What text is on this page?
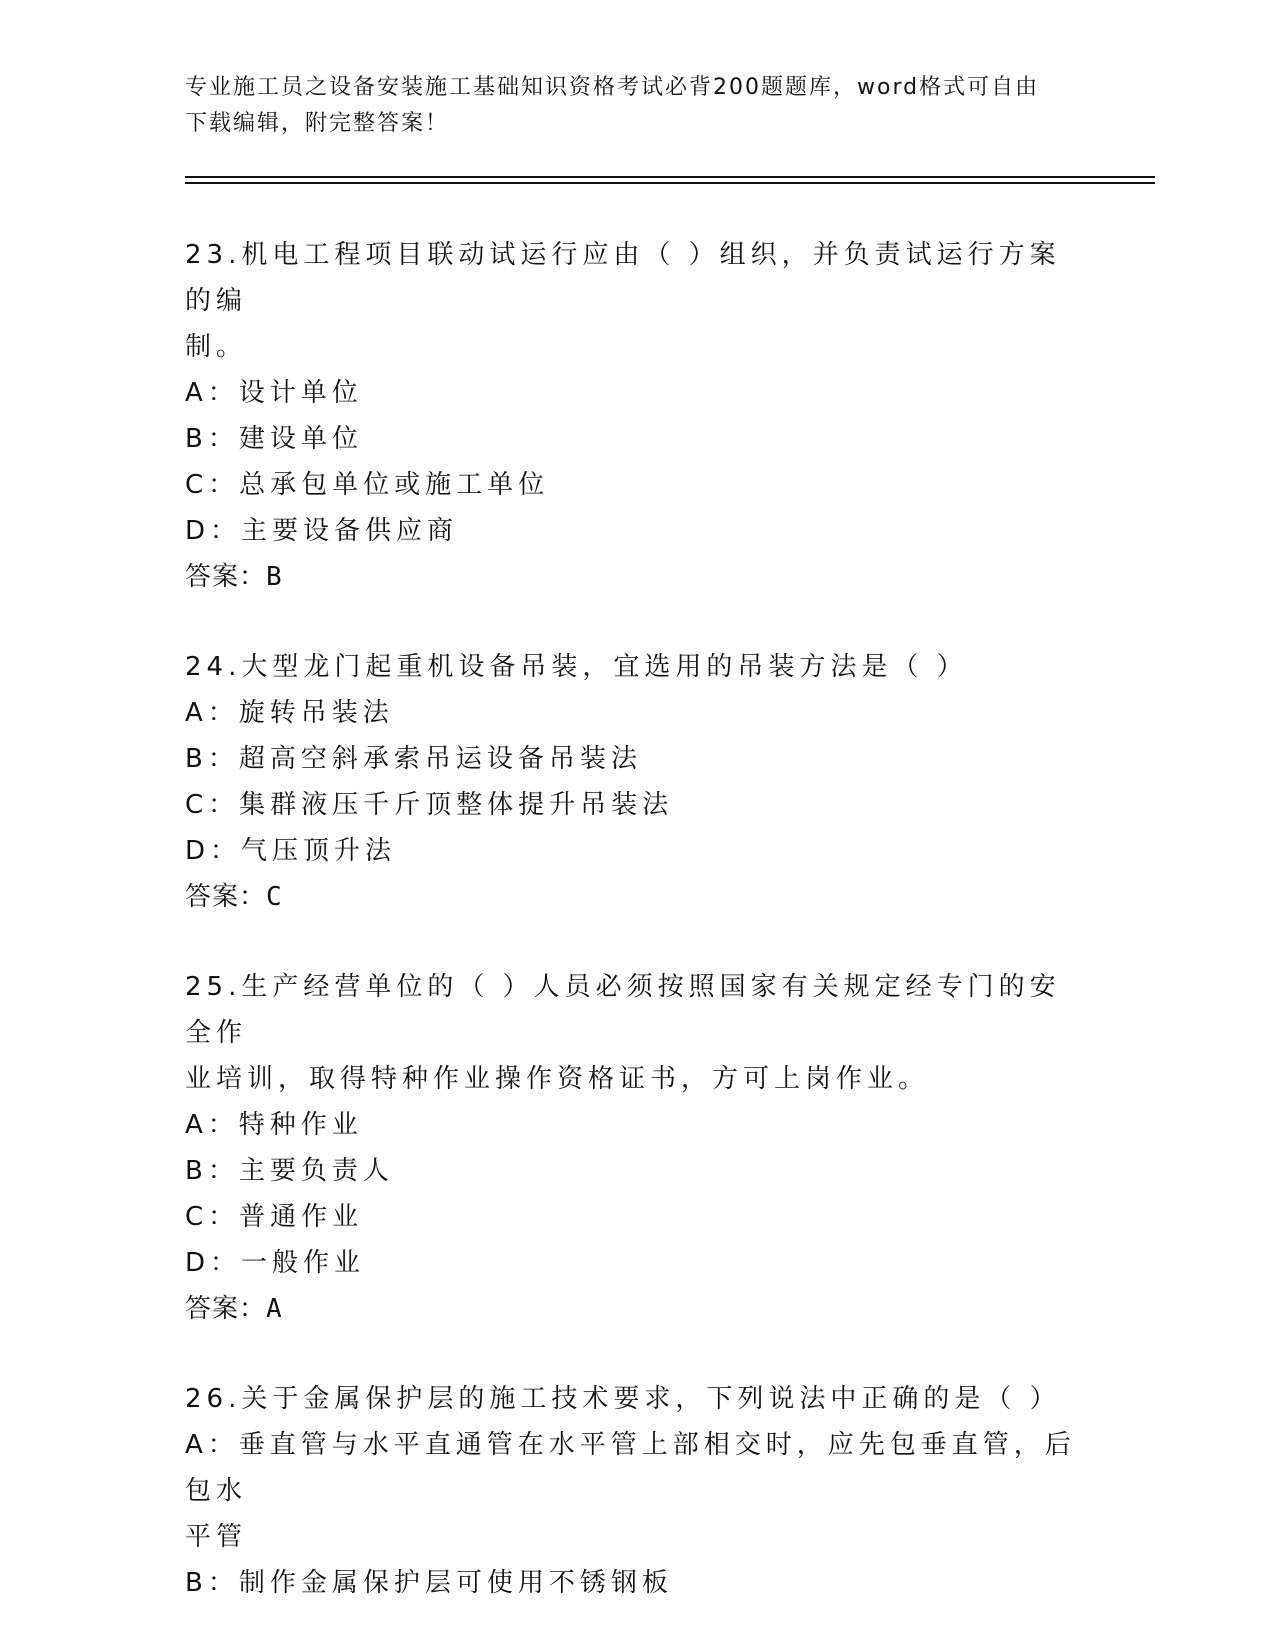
专业施工员之设备安装施工基础知识资格考试必背200题题库，word格式可自由
下载编辑，附完整答案！
23.机电工程项目联动试运行应由（ ）组织，并负责试运行方案的编
制。
A：设计单位
B：建设单位
C：总承包单位或施工单位
D：主要设备供应商
答案：B
24.大型龙门起重机设备吊装，宜选用的吊装方法是（ ）
A：旋转吊装法
B：超高空斜承索吊运设备吊装法
C：集群液压千斤顶整体提升吊装法
D：气压顶升法
答案：C
25.生产经营单位的（ ）人员必须按照国家有关规定经专门的安全作
业培训，取得特种作业操作资格证书，方可上岗作业。
A：特种作业
B：主要负责人
C：普通作业
D：一般作业
答案：A
26.关于金属保护层的施工技术要求，下列说法中正确的是（ ）
A：垂直管与水平直通管在水平管上部相交时，应先包垂直管，后包水
平管
B：制作金属保护层可使用不锈钢板
